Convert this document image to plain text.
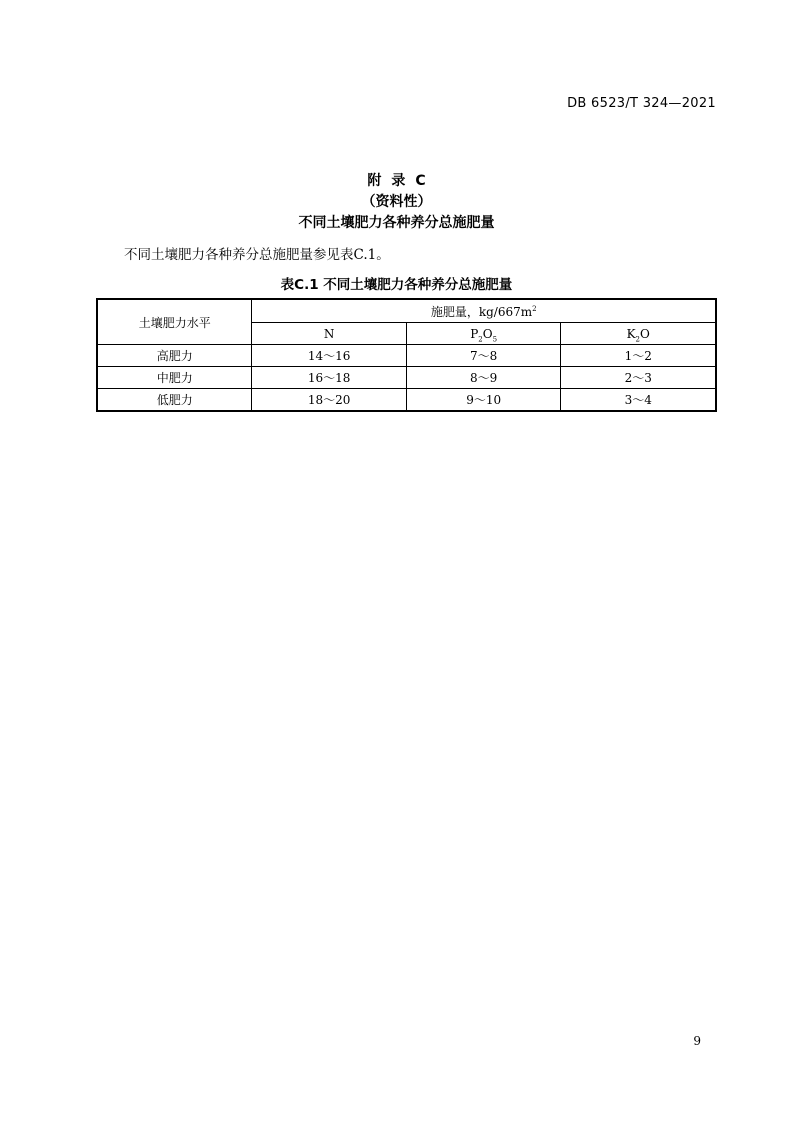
DB 6523/T 324—2021
附录C
（资料性）
不同土壤肥力各种养分总施肥量
不同土壤肥力各种养分总施肥量参见表C.1。
表C.1 不同土壤肥力各种养分总施肥量
土壤肥力水平	施肥量，$kg/667m^2$
	N	$P_2O_5$	$K_2O$
高肥力	14～16	7～8	1～2
中肥力	16～18	8～9	2～3
低肥力	18～20	9～10	3～4
9
